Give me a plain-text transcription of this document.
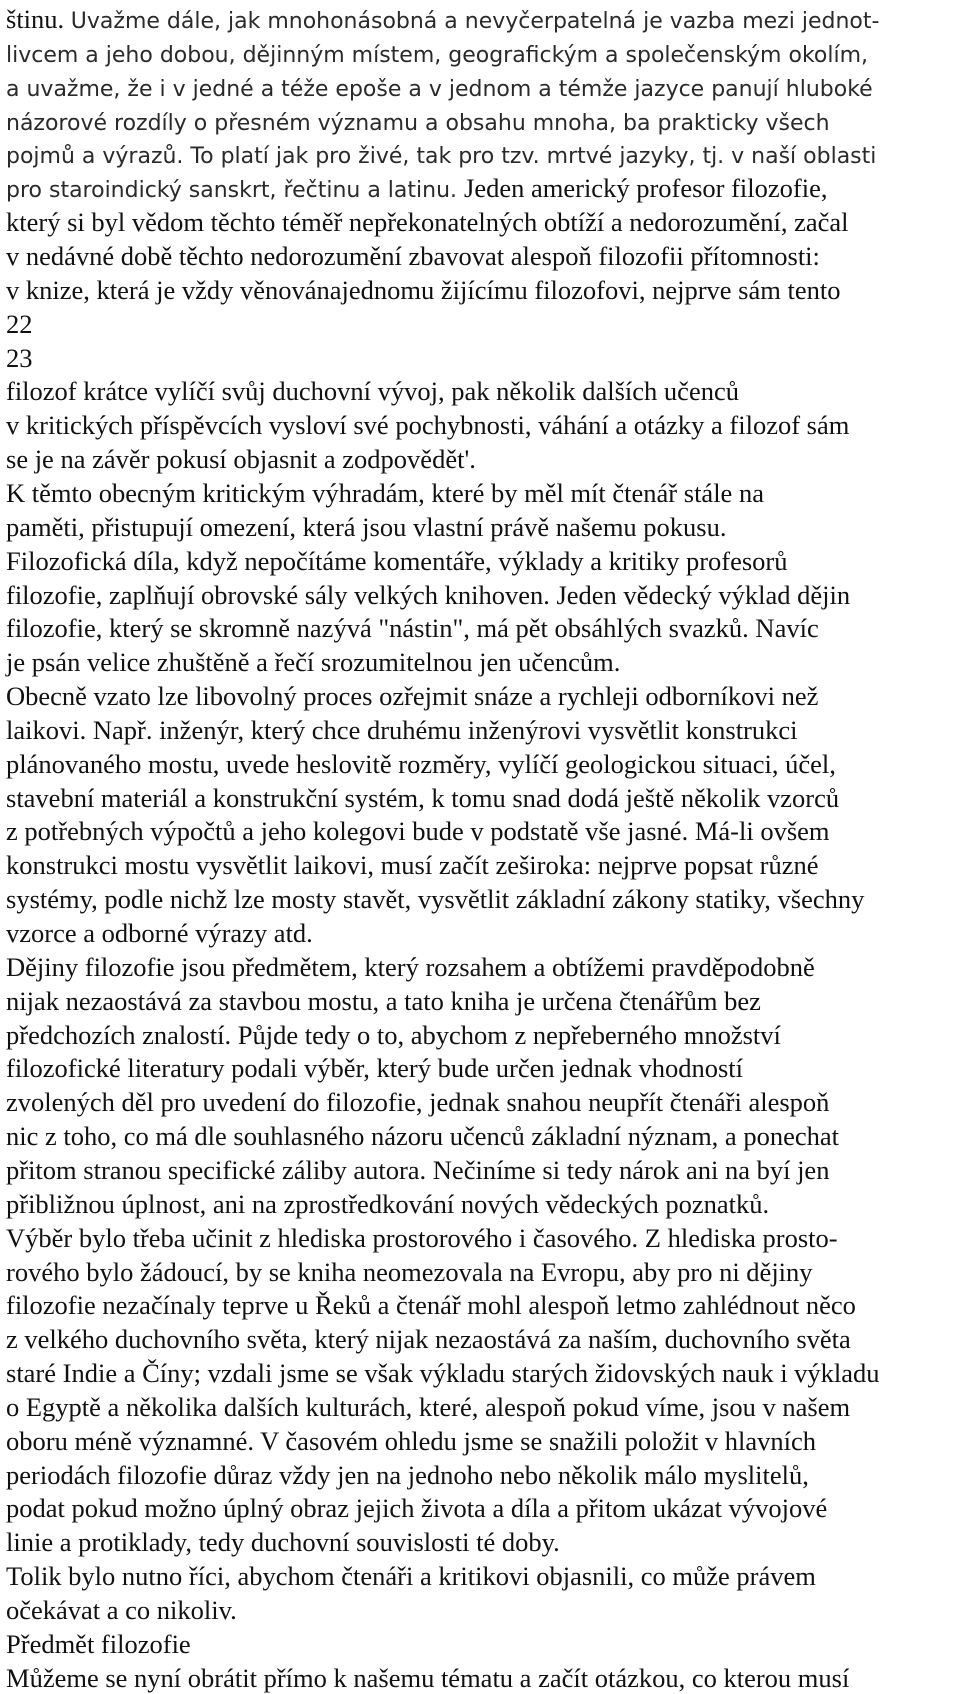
štinu. Uvažme dále, jak mnohonásobná a nevyčerpatelná je vazba mezi jednot-
livcem a jeho dobou, dějinným místem, geografickým a společenským okolím,
a uvažme, že i v jedné a téže epoše a v jednom a témže jazyce panují hluboké
názorové rozdíly o přesném významu a obsahu mnoha, ba prakticky všech
pojmů a výrazů. To platí jak pro živé, tak pro tzv. mrtvé jazyky, tj. v naší oblasti
pro staroindický sanskrt, řečtinu a latinu. Jeden americký profesor filozofie,
který si byl vědom těchto téměř nepřekonatelných obtíží a nedorozumění, začal
v nedávné době těchto nedorozumění zbavovat alespoň filozofii přítomnosti:
v knize, která je vždy věnovánajednomu žijícímu filozofovi, nejprve sám tento
22
23
filozof krátce vylíčí svůj duchovní vývoj, pak několik dalších učenců
v kritických příspěvcích vysloví své pochybnosti, váhání a otázky a filozof sám
se je na závěr pokusí objasnit a zodpovědět'.
K těmto obecným kritickým výhradám, které by měl mít čtenář stále na
paměti, přistupují omezení, která jsou vlastní právě našemu pokusu.
Filozofická díla, když nepočítáme komentáře, výklady a kritiky profesorů
filozofie, zaplňují obrovské sály velkých knihoven. Jeden vědecký výklad dějin
filozofie, který se skromně nazývá "nástin", má pět obsáhlých svazků. Navíc
je psán velice zhuštěně a řečí srozumitelnou jen učencům.
Obecně vzato lze libovolný proces ozřejmit snáze a rychleji odborníkovi než
laikovi. Např. inženýr, který chce druhému inženýrovi vysvětlit konstrukci
plánovaného mostu, uvede heslovitě rozměry, vylíčí geologickou situaci, účel,
stavební materiál a konstrukční systém, k tomu snad dodá ještě několik vzorců
z potřebných výpočtů a jeho kolegovi bude v podstatě vše jasné. Má-li ovšem
konstrukci mostu vysvětlit laikovi, musí začít zeširoka: nejprve popsat různé
systémy, podle nichž lze mosty stavět, vysvětlit základní zákony statiky, všechny
vzorce a odborné výrazy atd.
Dějiny filozofie jsou předmětem, který rozsahem a obtížemi pravděpodobně
nijak nezaostává za stavbou mostu, a tato kniha je určena čtenářům bez
předchozích znalostí. Půjde tedy o to, abychom z nepřeberného množství
filozofické literatury podali výběr, který bude určen jednak vhodností
zvolených děl pro uvedení do filozofie, jednak snahou neupřít čtenáři alespoň
nic z toho, co má dle souhlasného názoru učenců základní nýznam, a ponechat
přitom stranou specifické záliby autora. Nečiníme si tedy nárok ani na byí jen
přibližnou úplnost, ani na zprostředkování nových vědeckých poznatků.
Výběr bylo třeba učinit z hlediska prostorového i časového. Z hlediska prosto-
rového bylo žádoucí, by se kniha neomezovala na Evropu, aby pro ni dějiny
filozofie nezačínaly teprve u Řeků a čtenář mohl alespoň letmo zahlédnout něco
z velkého duchovního světa, který nijak nezaostává za naším, duchovního světa
staré Indie a Číny; vzdali jsme se však výkladu starých židovských nauk i výkladu
o Egyptě a několika dalších kulturách, které, alespoň pokud víme, jsou v našem
oboru méně významné. V časovém ohledu jsme se snažili položit v hlavních
periodách filozofie důraz vždy jen na jednoho nebo několik málo myslitelů,
podat pokud možno úplný obraz jejich života a díla a přitom ukázat vývojové
linie a protiklady, tedy duchovní souvislosti té doby.
Tolik bylo nutno říci, abychom čtenáři a kritikovi objasnili, co může právem
očekávat a co nikoliv.
Předmět filozofie
Můžeme se nyní obrátit přímo k našemu tématu a začít otázkou, co kterou musí
